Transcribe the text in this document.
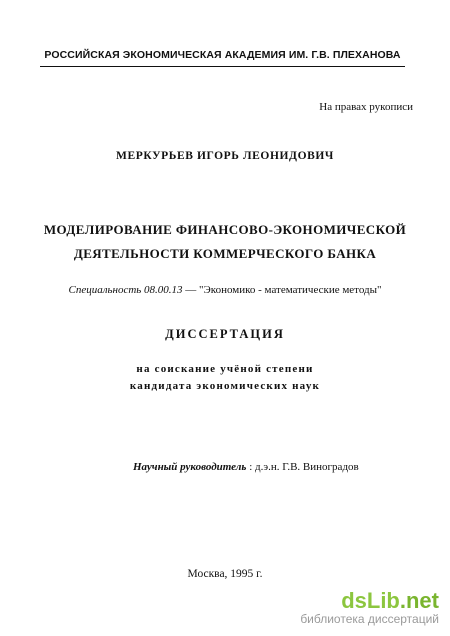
РОССИЙСКАЯ ЭКОНОМИЧЕСКАЯ АКАДЕМИЯ ИМ. Г.В. ПЛЕХАНОВА
На правах рукописи
МЕРКУРЬЕВ ИГОРЬ ЛЕОНИДОВИЧ
МОДЕЛИРОВАНИЕ ФИНАНСОВО-ЭКОНОМИЧЕСКОЙ
ДЕЯТЕЛЬНОСТИ КОММЕРЧЕСКОГО БАНКА
Специальность 08.00.13 — "Экономико - математические методы"
ДИССЕРТАЦИЯ
на соискание учёной степени
кандидата экономических наук
Научный руководитель : д.э.н. Г.В. Виноградов
Москва, 1995 г.
dsLib.net
библиотека диссертаций
